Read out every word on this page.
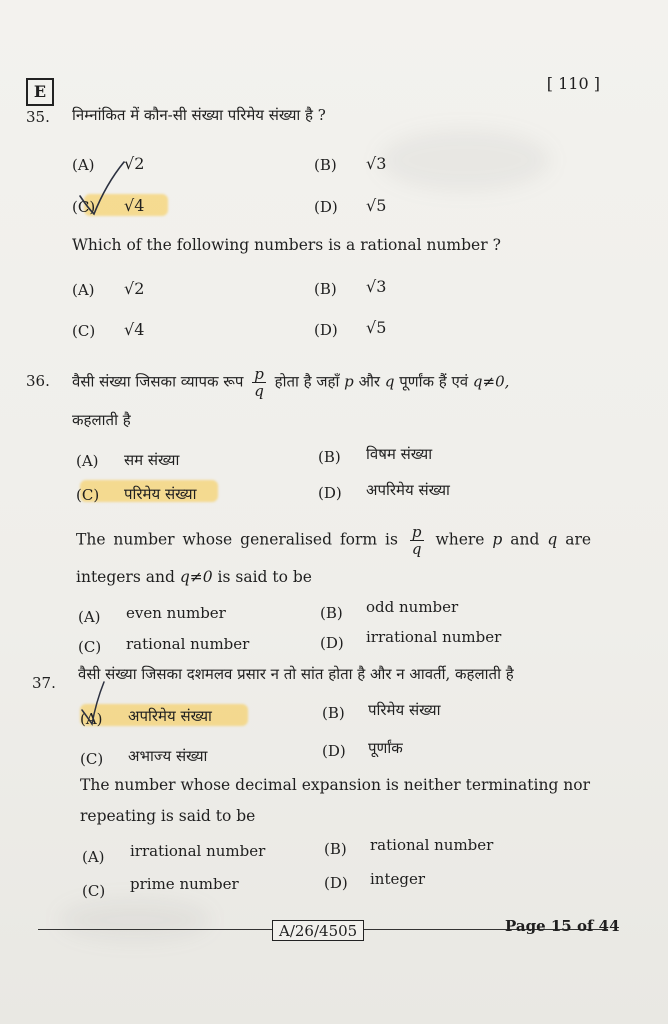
E	[ 110 ]
35. निम्नांकित में कौन-सी संख्या परिमेय संख्या है ?
(A) √2	(B) √3
(C) √4	(D) √5
Which of the following numbers is a rational number ?
(A) √2	(B) √3
(C) √4	(D) √5
36. वैसी संख्या जिसका व्यापक रूप $\frac{p}{q}$ होता है जहाँ p और q पूर्णांक हैं एवं q≠0,
कहलाती है
(A) सम संख्या	(B) विषम संख्या
(C) परिमेय संख्या	(D) अपरिमेय संख्या
The number whose generalised form is $\frac{p}{q}$ where p and q are
integers and q≠0 is said to be
(A) even number	(B) odd number
(C) rational number	(D) irrational number
37. वैसी संख्या जिसका दशमलव प्रसार न तो सांत होता है और न आवर्ती, कहलाती है
(A) अपरिमेय संख्या	(B) परिमेय संख्या
(C) अभाज्य संख्या	(D) पूर्णांक
The number whose decimal expansion is neither terminating nor
repeating is said to be
(A) irrational number	(B) rational number
(C) prime number	(D) integer
A/26/4505	Page 15 of 44
